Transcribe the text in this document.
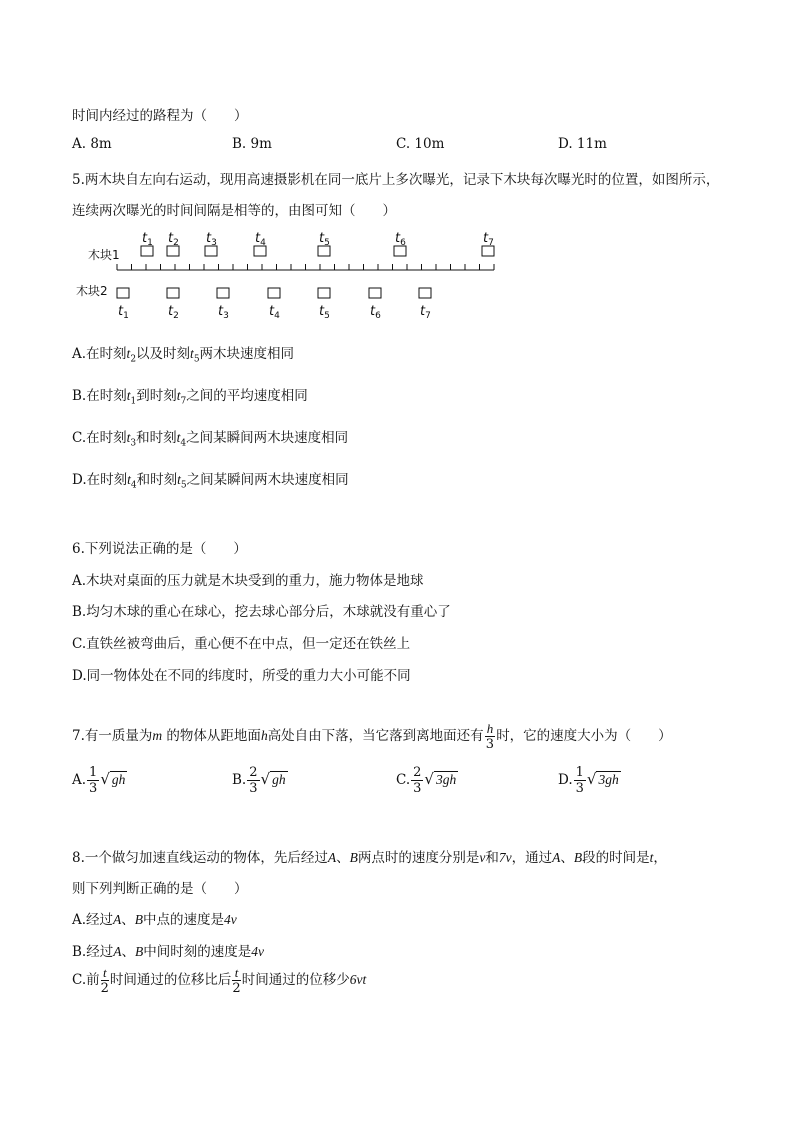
时间内经过的路程为（　　）
A. 8m	B. 9m	C. 10m	D. 11m
5.两木块自左向右运动，现用高速摄影机在同一底片上多次曝光，记录下木块每次曝光时的位置，如图所示，
连续两次曝光的时间间隔是相等的，由图可知（　　）
木块1
木块2
$t_1$ $t_2$ $t_3$	$t_4$	$t_5$	$t_6$	$t_7$
$t_1$	$t_2$	$t_3$	$t_4$	$t_5$	$t_6$	$t_7$
A.在时刻$t_2$以及时刻$t_5$两木块速度相同
B.在时刻$t_1$到时刻$t_7$之间的平均速度相同
C.在时刻$t_3$和时刻$t_4$之间某瞬间两木块速度相同
D.在时刻$t_4$和时刻$t_5$之间某瞬间两木块速度相同
6.下列说法正确的是（　　）
A.木块对桌面的压力就是木块受到的重力，施力物体是地球
B.均匀木球的重心在球心，挖去球心部分后，木球就没有重心了
C.直铁丝被弯曲后，重心便不在中点，但一定还在铁丝上
D.同一物体处在不同的纬度时，所受的重力大小可能不同
7.有一质量为m 的物体从距地面h高处自由下落，当它落到离地面还有 $\frac{h}{3}$ 时，它的速度大小为（　　）
A. $\frac{1}{3}$ √ gh	B. $\frac{2}{3}$ √ gh	C. $\frac{2}{3}$ √ 3gh	D. $\frac{1}{3}$ √ 3gh
8.一个做匀加速直线运动的物体，先后经过A、B两点时的速度分别是v和7v，通过A、B段的时间是t，
则下列判断正确的是（　　）
A.经过A、B中点的速度是4v
B.经过A、B中间时刻的速度是4v
C.前 $\frac{t}{2}$ 时间通过的位移比后 $\frac{t}{2}$ 时间通过的位移少6vt
